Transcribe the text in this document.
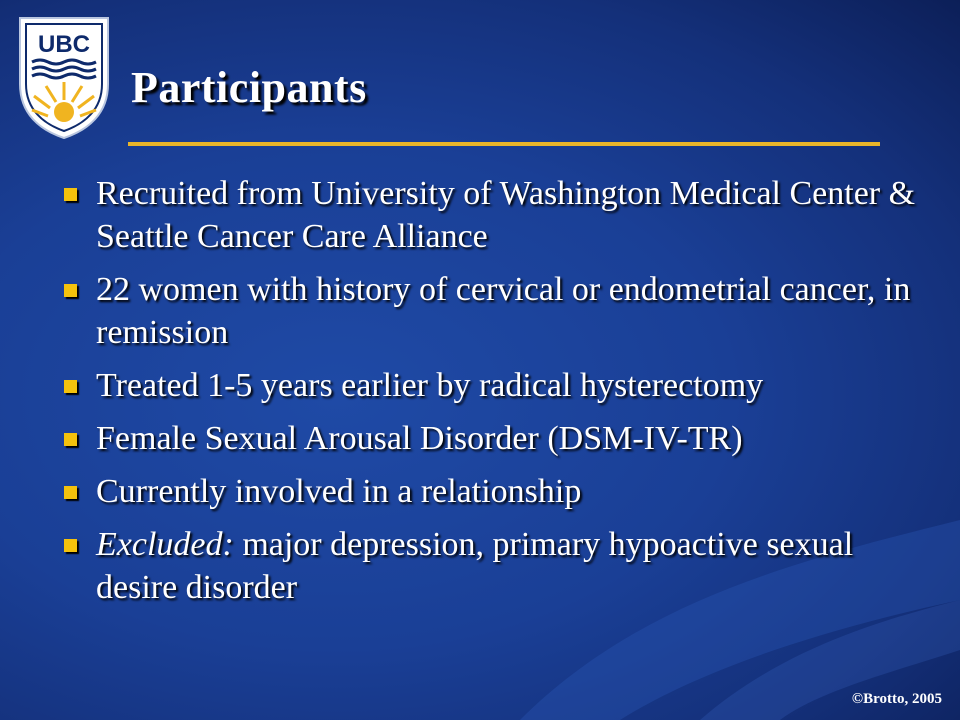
UBC
Participants
Recruited from University of Washington Medical Center & Seattle Cancer Care Alliance
22 women with history of cervical or endometrial cancer, in remission
Treated 1-5 years earlier by radical hysterectomy
Female Sexual Arousal Disorder (DSM-IV-TR)
Currently involved in a relationship
Excluded: major depression, primary hypoactive sexual desire disorder
©Brotto, 2005
